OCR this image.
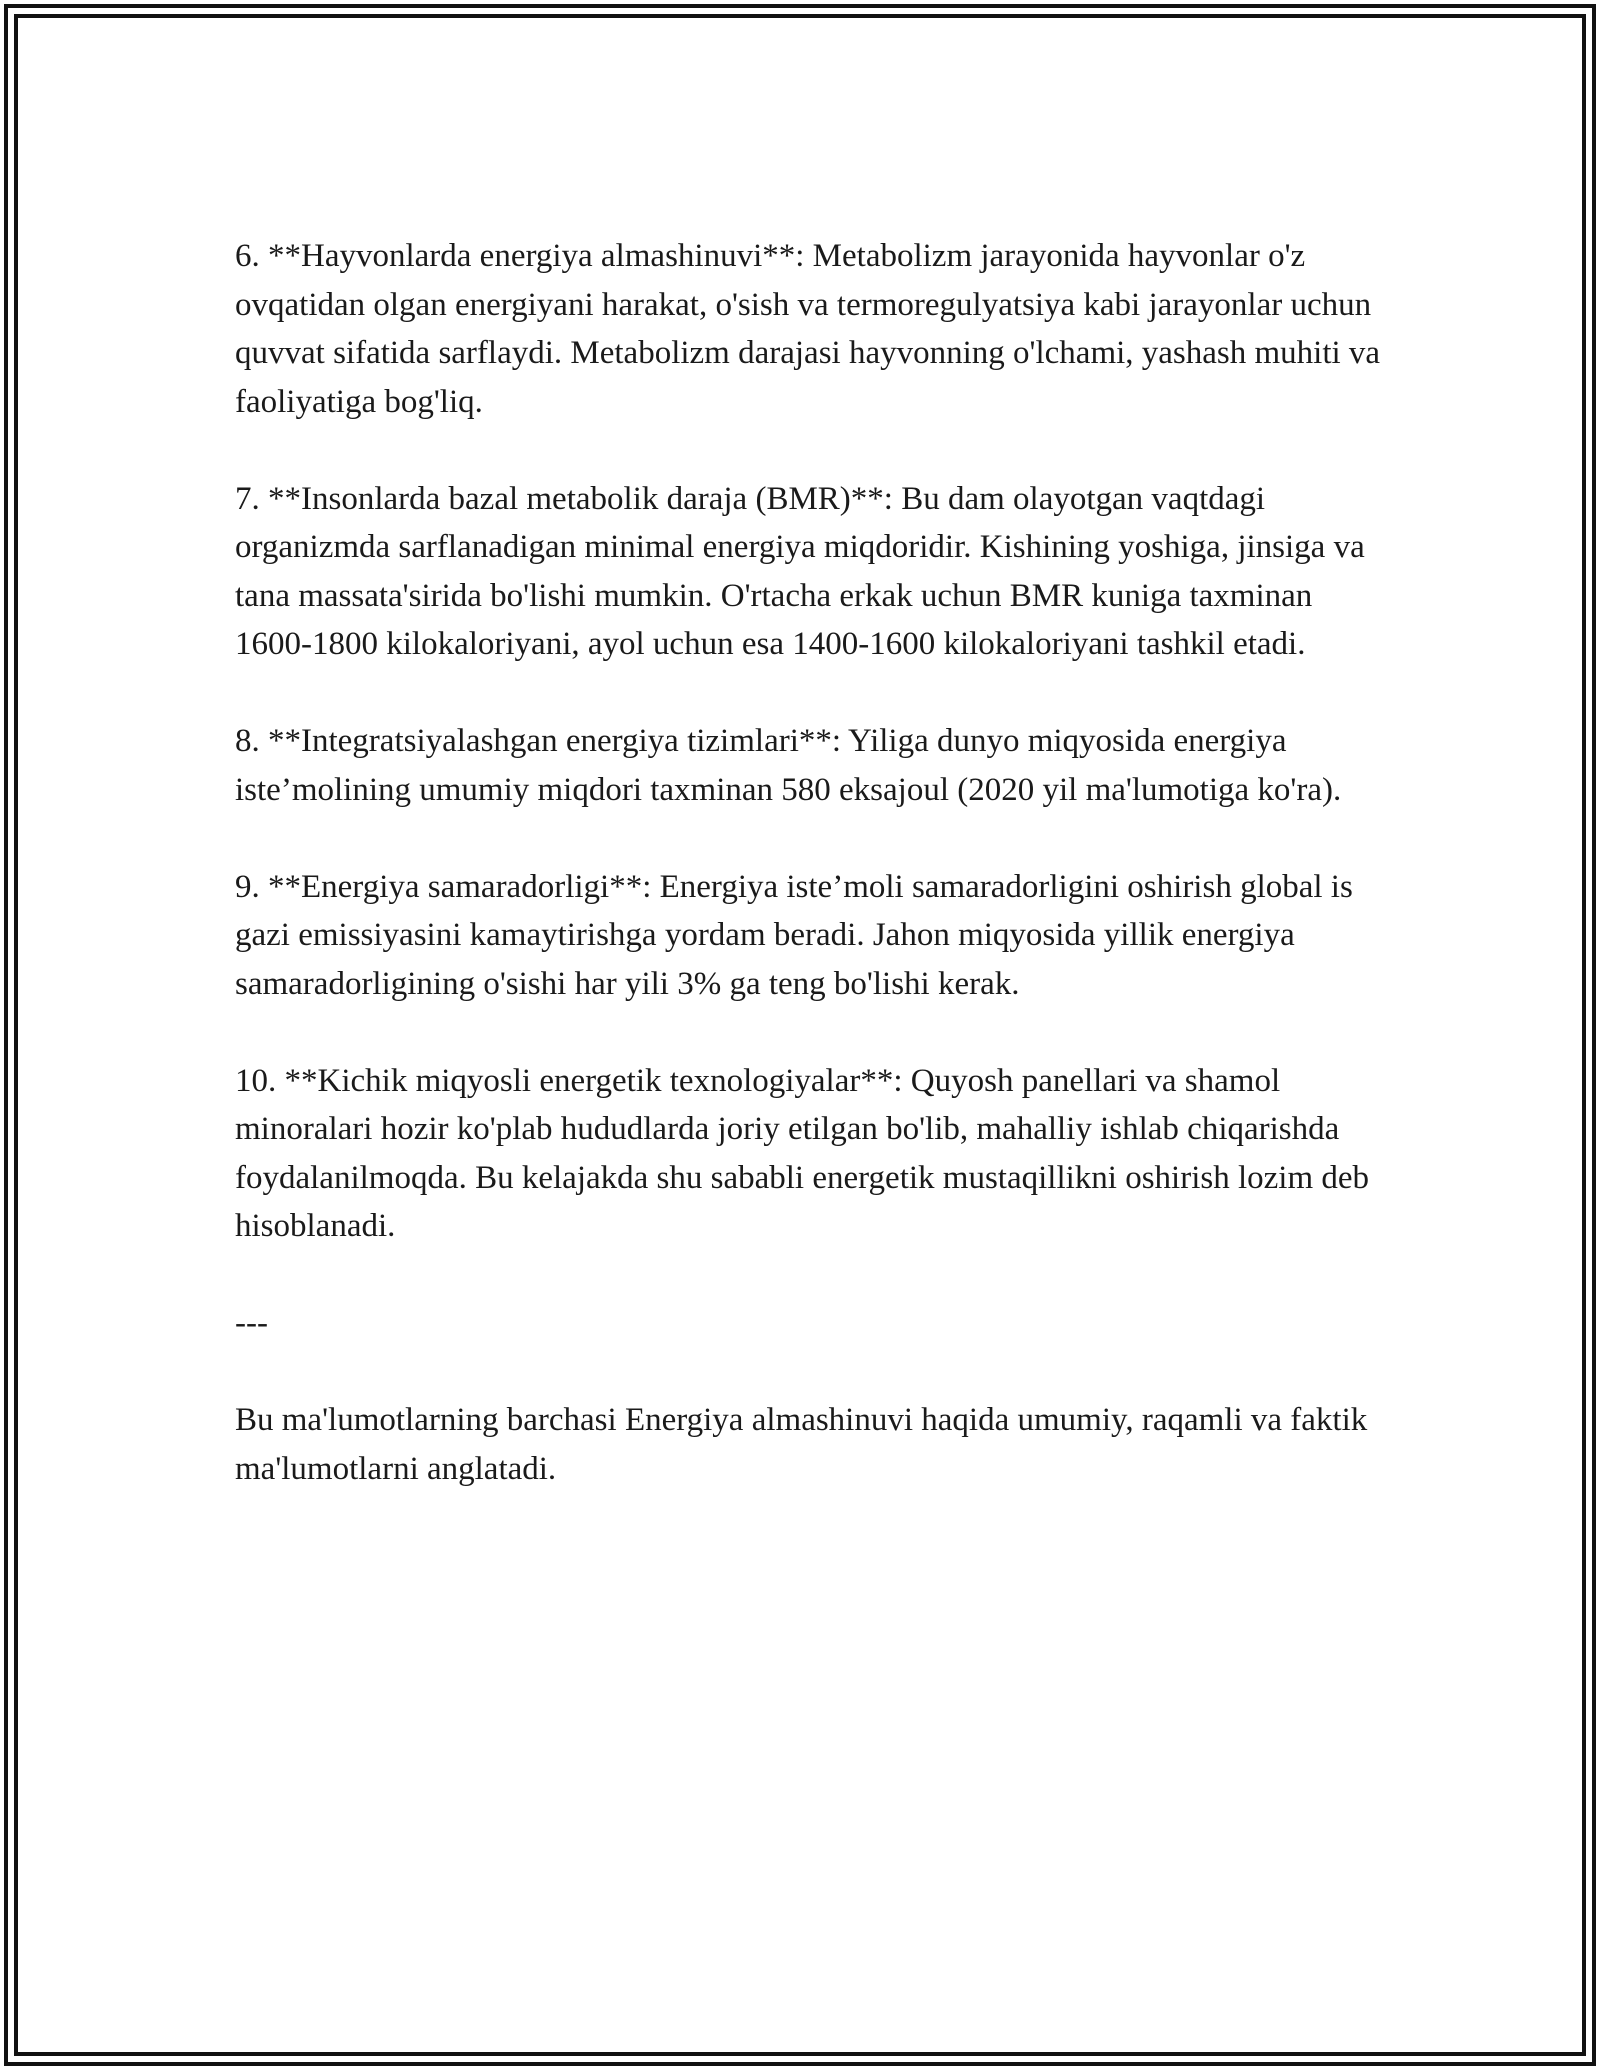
6. **Hayvonlarda energiya almashinuvi**: Metabolizm jarayonida hayvonlar o'z ovqatidan olgan energiyani harakat, o'sish va termoregulyatsiya kabi jarayonlar uchun quvvat sifatida sarflaydi. Metabolizm darajasi hayvonning o'lchami, yashash muhiti va faoliyatiga bog'liq.

7. **Insonlarda bazal metabolik daraja (BMR)**: Bu dam olayotgan vaqtdagi organizmda sarflanadigan minimal energiya miqdoridir. Kishining yoshiga, jinsiga va tana massata'sirida bo'lishi mumkin. O'rtacha erkak uchun BMR kuniga taxminan 1600-1800 kilokaloriyani, ayol uchun esa 1400-1600 kilokaloriyani tashkil etadi.

8. **Integratsiyalashgan energiya tizimlari**: Yiliga dunyo miqyosida energiya iste’molining umumiy miqdori taxminan 580 eksajoul (2020 yil ma'lumotiga ko'ra).

9. **Energiya samaradorligi**: Energiya iste’moli samaradorligini oshirish global is gazi emissiyasini kamaytirishga yordam beradi. Jahon miqyosida yillik energiya samaradorligining o'sishi har yili 3% ga teng bo'lishi kerak.

10. **Kichik miqyosli energetik texnologiyalar**: Quyosh panellari va shamol minoralari hozir ko'plab hududlarda joriy etilgan bo'lib, mahalliy ishlab chiqarishda foydalanilmoqda. Bu kelajakda shu sababli energetik mustaqillikni oshirish lozim deb hisoblanadi.

---

Bu ma'lumotlarning barchasi Energiya almashinuvi haqida umumiy, raqamli va faktik ma'lumotlarni anglatadi.
